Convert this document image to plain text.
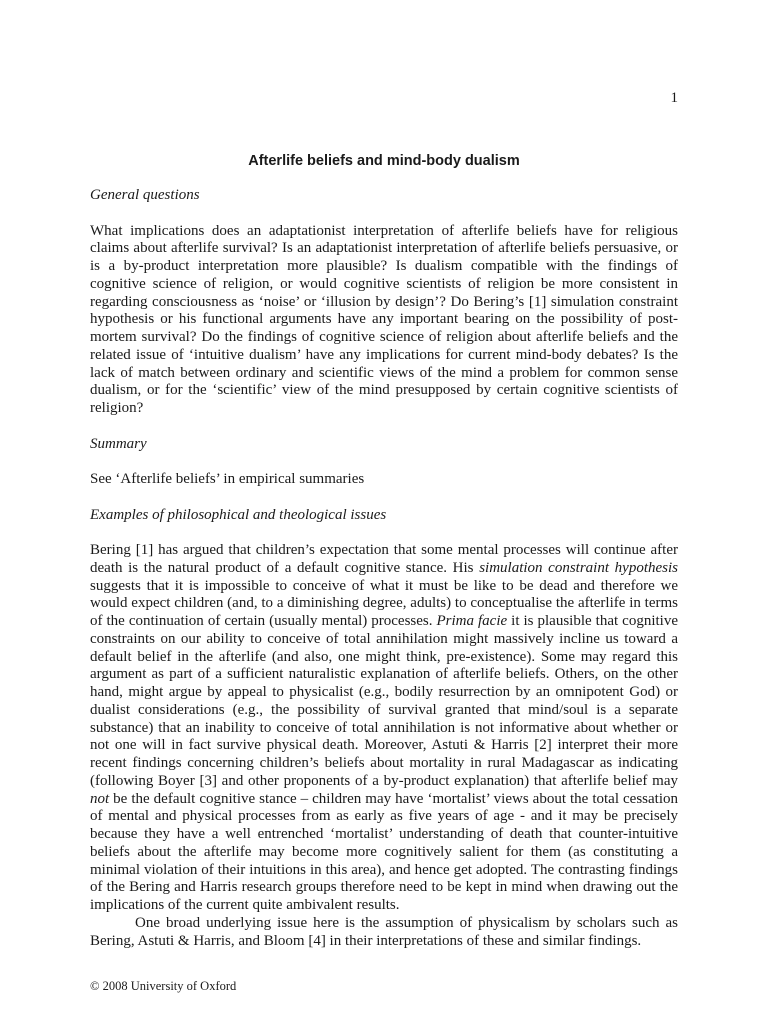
1
Afterlife beliefs and mind-body dualism
General questions
What implications does an adaptationist interpretation of afterlife beliefs have for religious claims about afterlife survival? Is an adaptationist interpretation of afterlife beliefs persuasive, or is a by-product interpretation more plausible? Is dualism compatible with the findings of cognitive science of religion, or would cognitive scientists of religion be more consistent in regarding consciousness as ‘noise’ or ‘illusion by design’? Do Bering’s [1] simulation constraint hypothesis or his functional arguments have any important bearing on the possibility of post-mortem survival? Do the findings of cognitive science of religion about afterlife beliefs and the related issue of ‘intuitive dualism’ have any implications for current mind-body debates? Is the lack of match between ordinary and scientific views of the mind a problem for common sense dualism, or for the ‘scientific’ view of the mind presupposed by certain cognitive scientists of religion?
Summary
See ‘Afterlife beliefs’ in empirical summaries
Examples of philosophical and theological issues
Bering [1] has argued that children’s expectation that some mental processes will continue after death is the natural product of a default cognitive stance. His simulation constraint hypothesis suggests that it is impossible to conceive of what it must be like to be dead and therefore we would expect children (and, to a diminishing degree, adults) to conceptualise the afterlife in terms of the continuation of certain (usually mental) processes. Prima facie it is plausible that cognitive constraints on our ability to conceive of total annihilation might massively incline us toward a default belief in the afterlife (and also, one might think, pre-existence). Some may regard this argument as part of a sufficient naturalistic explanation of afterlife beliefs. Others, on the other hand, might argue by appeal to physicalist (e.g., bodily resurrection by an omnipotent God) or dualist considerations (e.g., the possibility of survival granted that mind/soul is a separate substance) that an inability to conceive of total annihilation is not informative about whether or not one will in fact survive physical death. Moreover, Astuti & Harris [2] interpret their more recent findings concerning children’s beliefs about mortality in rural Madagascar as indicating (following Boyer [3] and other proponents of a by-product explanation) that afterlife belief may not be the default cognitive stance – children may have ‘mortalist’ views about the total cessation of mental and physical processes from as early as five years of age - and it may be precisely because they have a well entrenched ‘mortalist’ understanding of death that counter-intuitive beliefs about the afterlife may become more cognitively salient for them (as constituting a minimal violation of their intuitions in this area), and hence get adopted. The contrasting findings of the Bering and Harris research groups therefore need to be kept in mind when drawing out the implications of the current quite ambivalent results.
One broad underlying issue here is the assumption of physicalism by scholars such as Bering, Astuti & Harris, and Bloom [4] in their interpretations of these and similar findings.
© 2008 University of Oxford
